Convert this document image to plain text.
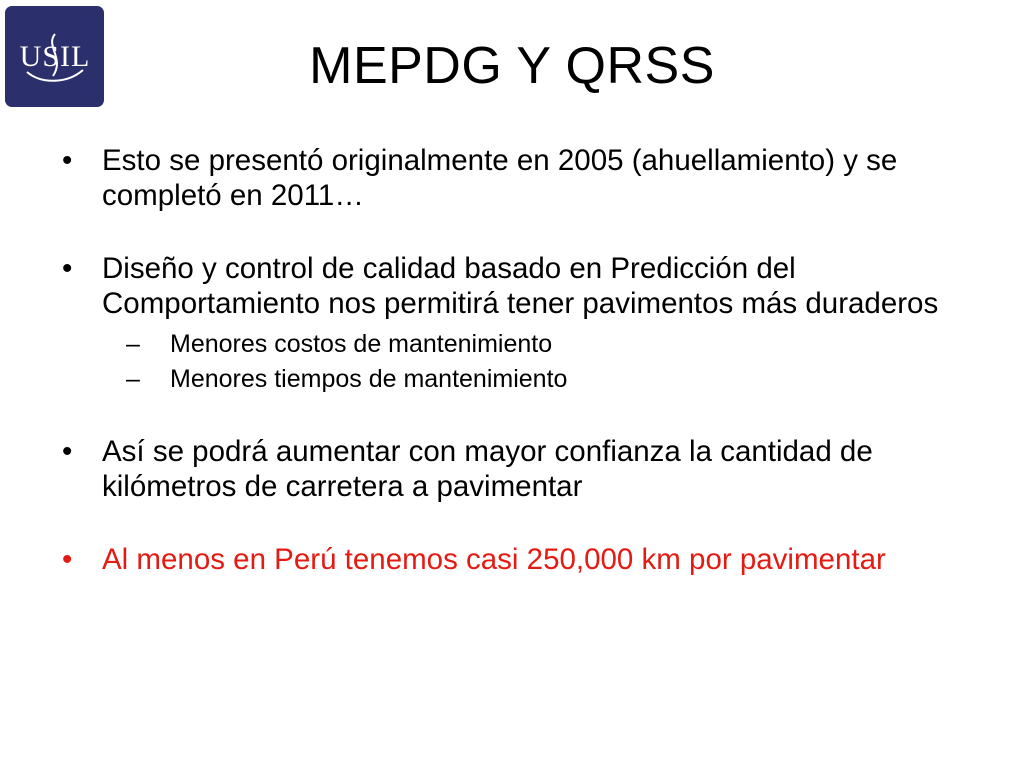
USIL	MEPDG Y QRSS
• Esto se presentó originalmente en 2005 (ahuellamiento) y se completó en 2011…
• Diseño y control de calidad basado en Predicción del Comportamiento nos permitirá tener pavimentos más duraderos
– Menores costos de mantenimiento
– Menores tiempos de mantenimiento
• Así se podrá aumentar con mayor confianza la cantidad de kilómetros de carretera a pavimentar
• Al menos en Perú tenemos casi 250,000 km por pavimentar
